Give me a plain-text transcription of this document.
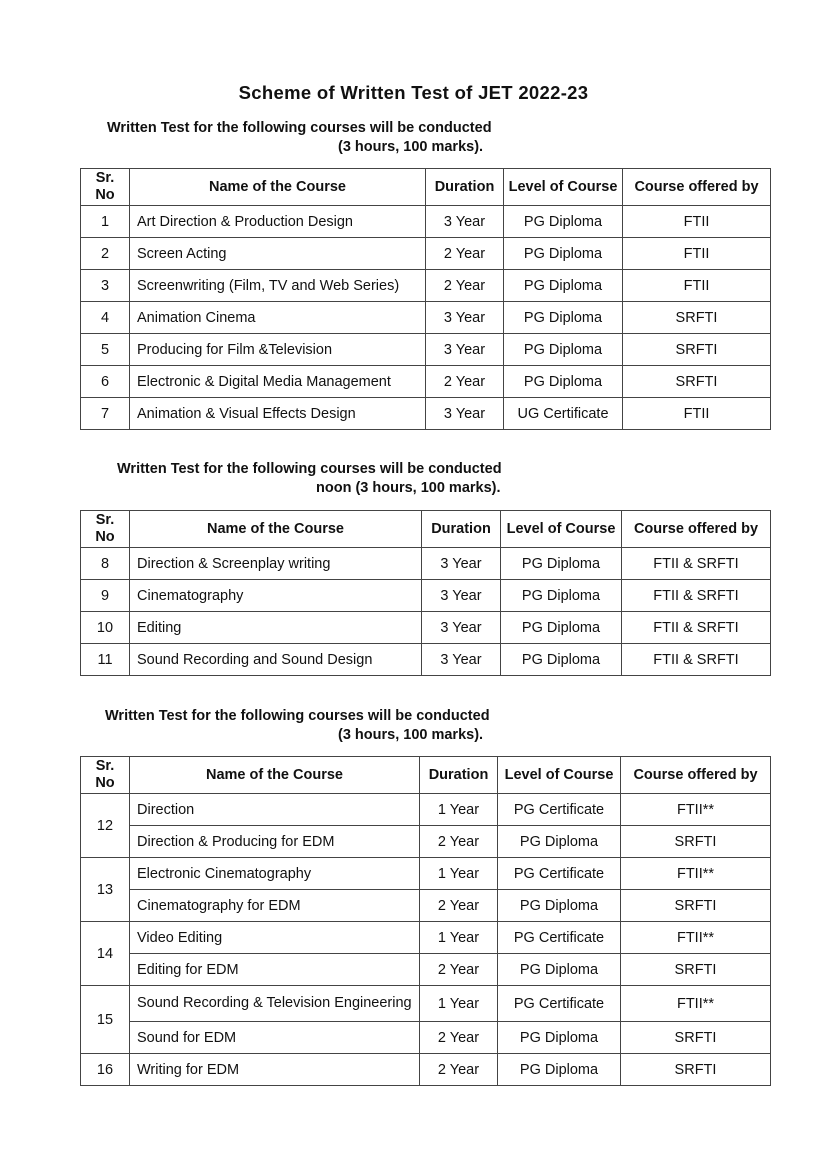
Scheme of Written Test of JET 2022-23
Written Test for the following courses will be conducted
(3 hours, 100 marks).
Sr. No	Name of the Course	Duration	Level of Course	Course offered by
1	Art Direction & Production Design	3 Year	PG Diploma	FTII
2	Screen Acting	2 Year	PG Diploma	FTII
3	Screenwriting (Film, TV and Web Series)	2 Year	PG Diploma	FTII
4	Animation Cinema	3 Year	PG Diploma	SRFTI
5	Producing for Film &Television	3 Year	PG Diploma	SRFTI
6	Electronic & Digital Media Management	2 Year	PG Diploma	SRFTI
7	Animation & Visual Effects Design	3 Year	UG Certificate	FTII
Written Test for the following courses will be conducted
noon (3 hours, 100 marks).
Sr. No	Name of the Course	Duration	Level of Course	Course offered by
8	Direction & Screenplay writing	3 Year	PG Diploma	FTII & SRFTI
9	Cinematography	3 Year	PG Diploma	FTII & SRFTI
10	Editing	3 Year	PG Diploma	FTII & SRFTI
11	Sound Recording and Sound Design	3 Year	PG Diploma	FTII & SRFTI
Written Test for the following courses will be conducted
(3 hours, 100 marks).
Sr. No	Name of the Course	Duration	Level of Course	Course offered by
12	Direction	1 Year	PG Certificate	FTII**
	Direction & Producing for EDM	2 Year	PG Diploma	SRFTI
13	Electronic Cinematography	1 Year	PG Certificate	FTII**
	Cinematography for EDM	2 Year	PG Diploma	SRFTI
14	Video Editing	1 Year	PG Certificate	FTII**
	Editing for EDM	2 Year	PG Diploma	SRFTI
15	Sound Recording & Television Engineering	1 Year	PG Certificate	FTII**
	Sound for EDM	2 Year	PG Diploma	SRFTI
16	Writing for EDM	2 Year	PG Diploma	SRFTI
